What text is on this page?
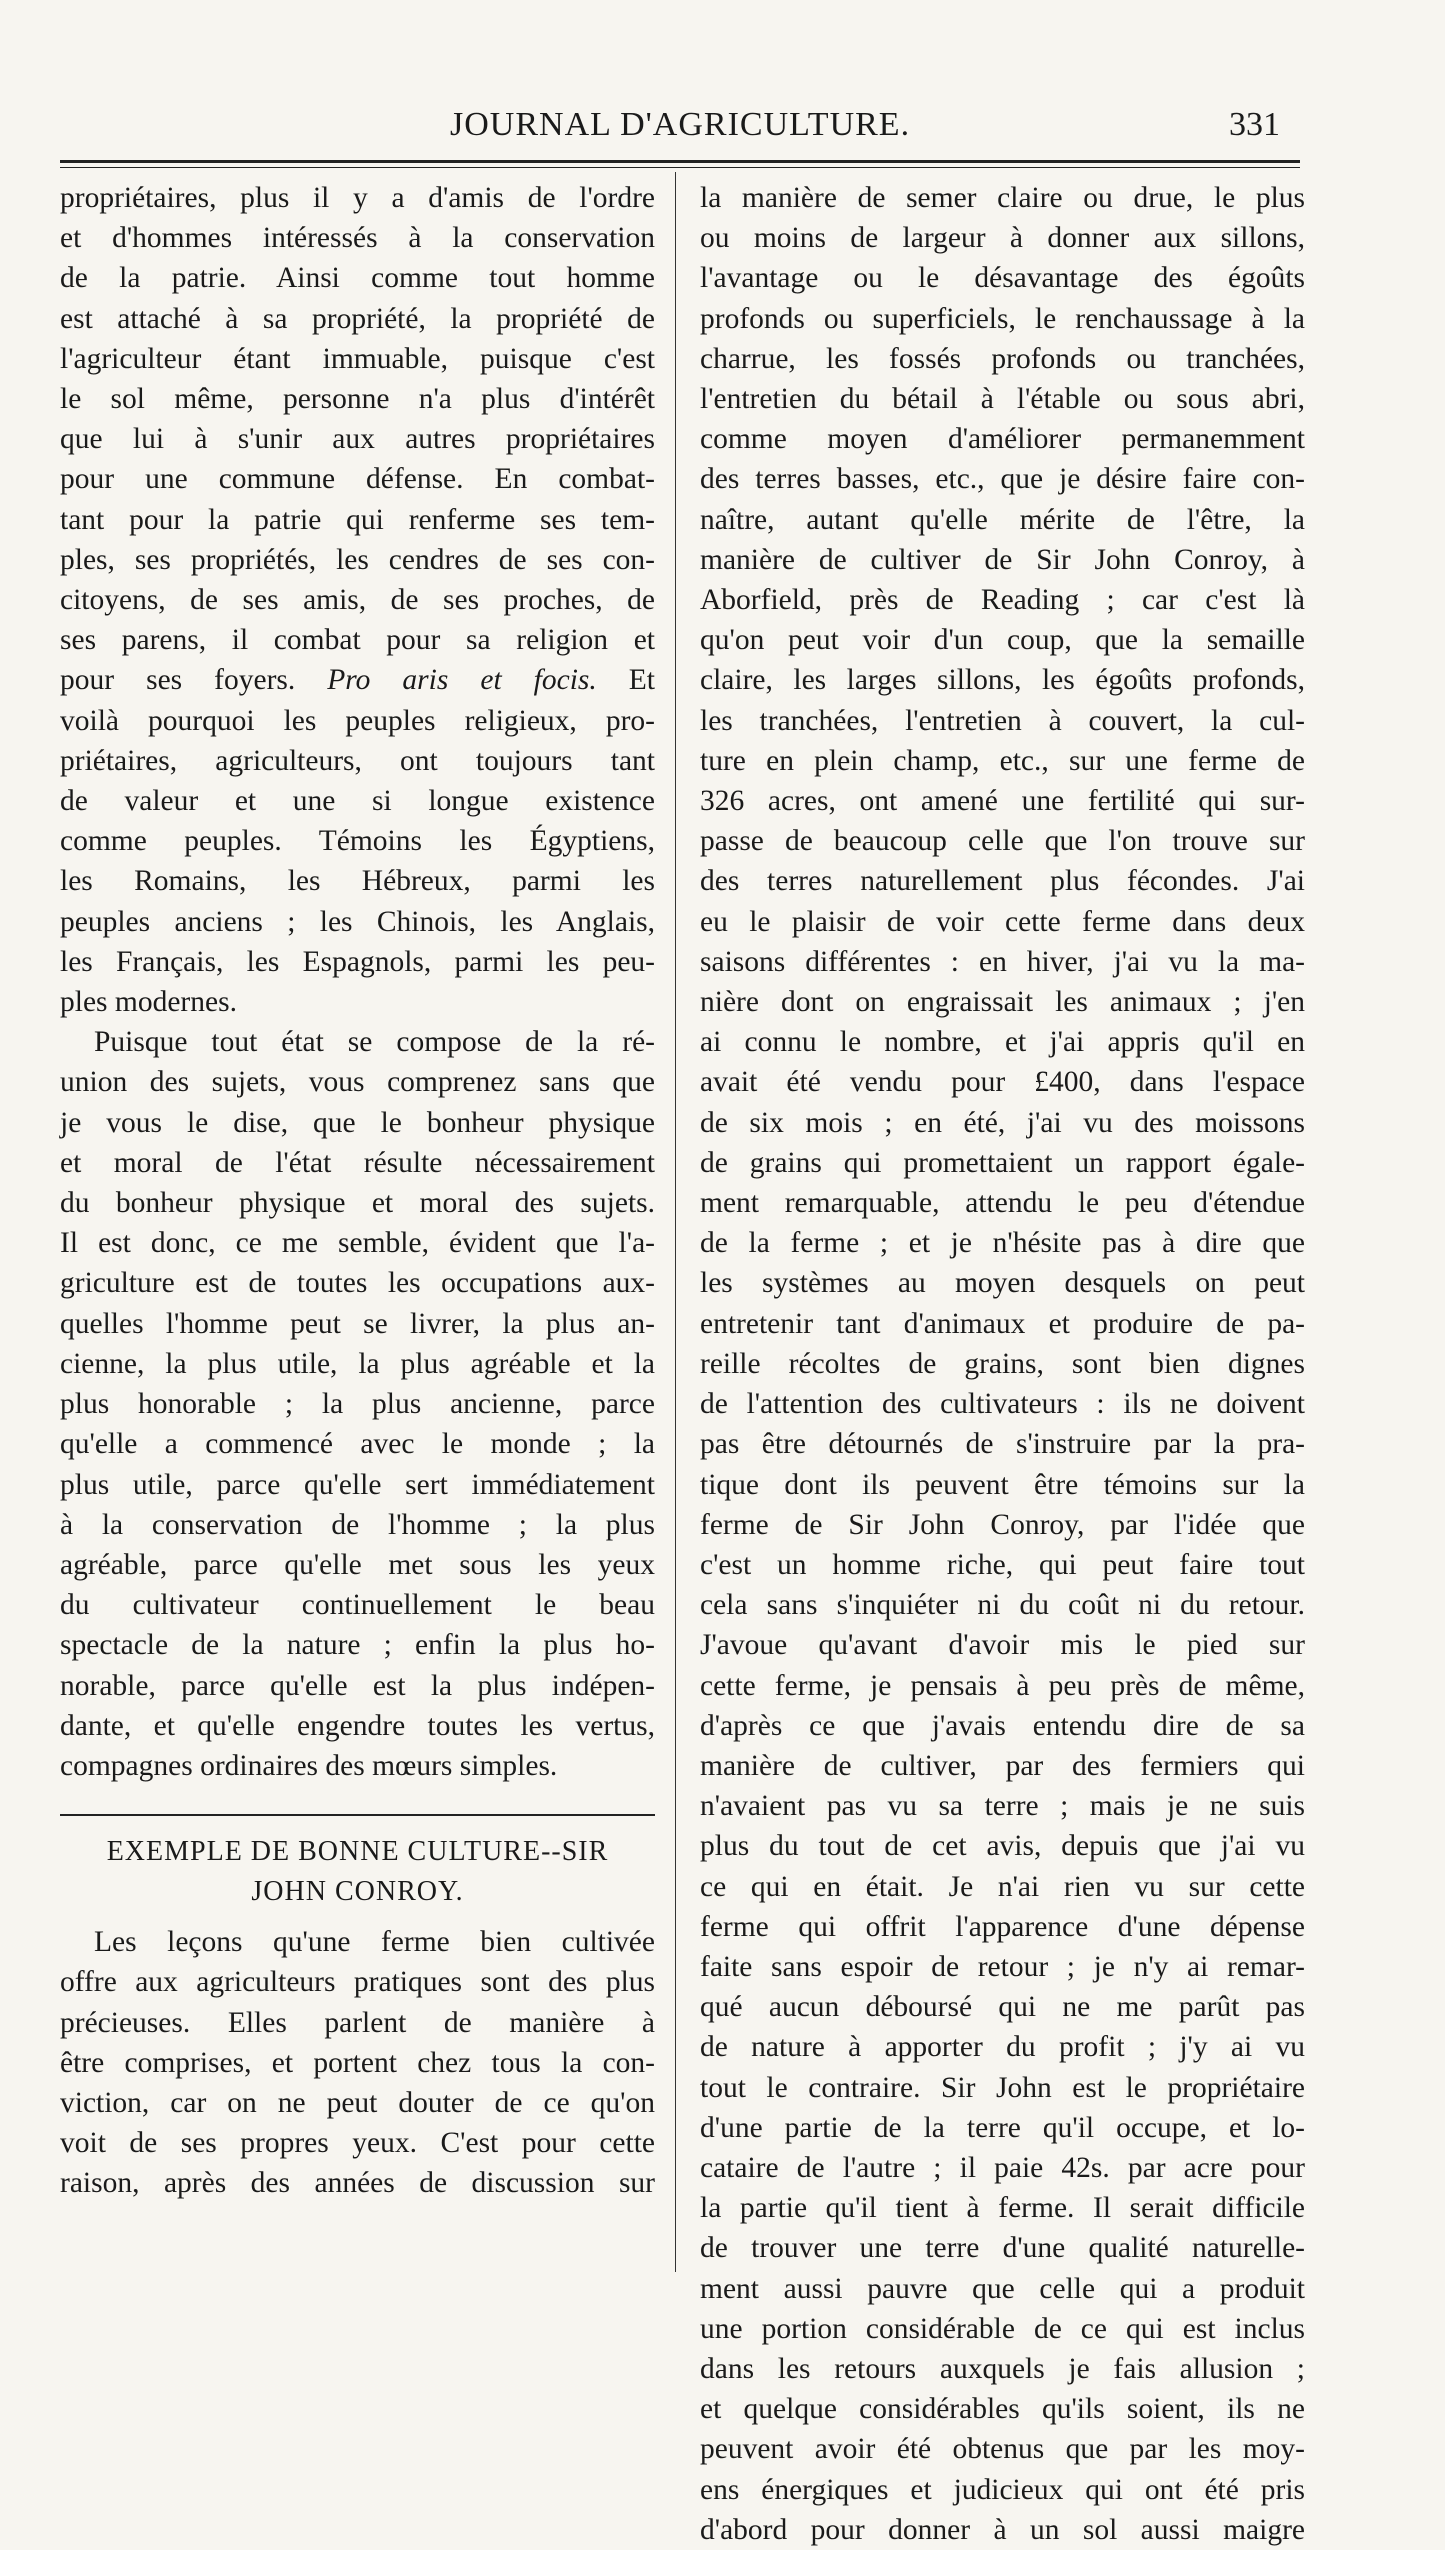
JOURNAL D'AGRICULTURE.	331
propriétaires, plus il y a d'amis de l'ordre
et d'hommes intéressés à la conservation
de la patrie. Ainsi comme tout homme
est attaché à sa propriété, la propriété de
l'agriculteur étant immuable, puisque c'est
le sol même, personne n'a plus d'intérêt
que lui à s'unir aux autres propriétaires
pour une commune défense. En combat-
tant pour la patrie qui renferme ses tem-
ples, ses propriétés, les cendres de ses con-
citoyens, de ses amis, de ses proches, de
ses parens, il combat pour sa religion et
pour ses foyers. Pro aris et focis. Et
voilà pourquoi les peuples religieux, pro-
priétaires, agriculteurs, ont toujours tant
de valeur et une si longue existence
comme peuples. Témoins les Égyptiens,
les Romains, les Hébreux, parmi les
peuples anciens ; les Chinois, les Anglais,
les Français, les Espagnols, parmi les peu-
ples modernes.
Puisque tout état se compose de la ré-
union des sujets, vous comprenez sans que
je vous le dise, que le bonheur physique
et moral de l'état résulte nécessairement
du bonheur physique et moral des sujets.
Il est donc, ce me semble, évident que l'a-
griculture est de toutes les occupations aux-
quelles l'homme peut se livrer, la plus an-
cienne, la plus utile, la plus agréable et la
plus honorable ; la plus ancienne, parce
qu'elle a commencé avec le monde ; la
plus utile, parce qu'elle sert immédiatement
à la conservation de l'homme ; la plus
agréable, parce qu'elle met sous les yeux
du cultivateur continuellement le beau
spectacle de la nature ; enfin la plus ho-
norable, parce qu'elle est la plus indépen-
dante, et qu'elle engendre toutes les vertus,
compagnes ordinaires des mœurs simples.
EXEMPLE DE BONNE CULTURE--SIR
JOHN CONROY.
Les leçons qu'une ferme bien cultivée
offre aux agriculteurs pratiques sont des plus
précieuses. Elles parlent de manière à
être comprises, et portent chez tous la con-
viction, car on ne peut douter de ce qu'on
voit de ses propres yeux. C'est pour cette
raison, après des années de discussion sur
la manière de semer claire ou drue, le plus
ou moins de largeur à donner aux sillons,
l'avantage ou le désavantage des égoûts
profonds ou superficiels, le renchaussage à la
charrue, les fossés profonds ou tranchées,
l'entretien du bétail à l'étable ou sous abri,
comme moyen d'améliorer permanemment
des terres basses, etc., que je désire faire con-
naître, autant qu'elle mérite de l'être, la
manière de cultiver de Sir John Conroy, à
Aborfield, près de Reading ; car c'est là
qu'on peut voir d'un coup, que la semaille
claire, les larges sillons, les égoûts profonds,
les tranchées, l'entretien à couvert, la cul-
ture en plein champ, etc., sur une ferme de
326 acres, ont amené une fertilité qui sur-
passe de beaucoup celle que l'on trouve sur
des terres naturellement plus fécondes. J'ai
eu le plaisir de voir cette ferme dans deux
saisons différentes : en hiver, j'ai vu la ma-
nière dont on engraissait les animaux ; j'en
ai connu le nombre, et j'ai appris qu'il en
avait été vendu pour £400, dans l'espace
de six mois ; en été, j'ai vu des moissons
de grains qui promettaient un rapport égale-
ment remarquable, attendu le peu d'étendue
de la ferme ; et je n'hésite pas à dire que
les systèmes au moyen desquels on peut
entretenir tant d'animaux et produire de pa-
reille récoltes de grains, sont bien dignes
de l'attention des cultivateurs : ils ne doivent
pas être détournés de s'instruire par la pra-
tique dont ils peuvent être témoins sur la
ferme de Sir John Conroy, par l'idée que
c'est un homme riche, qui peut faire tout
cela sans s'inquiéter ni du coût ni du retour.
J'avoue qu'avant d'avoir mis le pied sur
cette ferme, je pensais à peu près de même,
d'après ce que j'avais entendu dire de sa
manière de cultiver, par des fermiers qui
n'avaient pas vu sa terre ; mais je ne suis
plus du tout de cet avis, depuis que j'ai vu
ce qui en était. Je n'ai rien vu sur cette
ferme qui offrit l'apparence d'une dépense
faite sans espoir de retour ; je n'y ai remar-
qué aucun déboursé qui ne me parût pas
de nature à apporter du profit ; j'y ai vu
tout le contraire. Sir John est le propriétaire
d'une partie de la terre qu'il occupe, et lo-
cataire de l'autre ; il paie 42s. par acre pour
la partie qu'il tient à ferme. Il serait difficile
de trouver une terre d'une qualité naturelle-
ment aussi pauvre que celle qui a produit
une portion considérable de ce qui est inclus
dans les retours auxquels je fais allusion ;
et quelque considérables qu'ils soient, ils ne
peuvent avoir été obtenus que par les moy-
ens énergiques et judicieux qui ont été pris
d'abord pour donner à un sol aussi maigre
